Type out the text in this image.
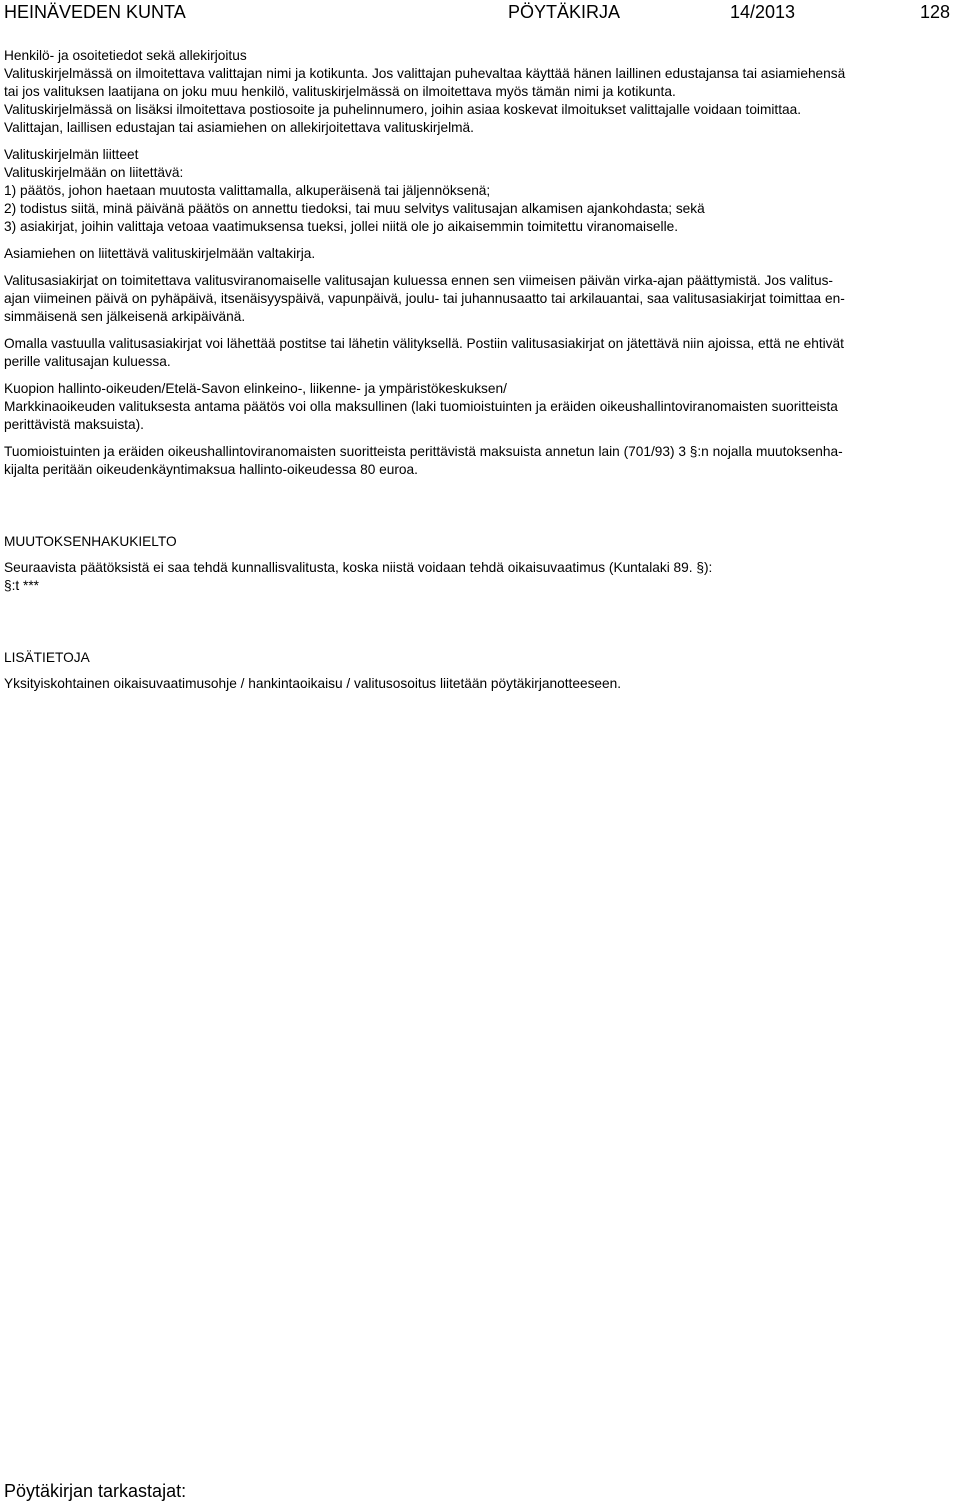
HEINÄVEDEN KUNTA	PÖYTÄKIRJA	14/2013	128

Henkilö- ja osoitetiedot sekä allekirjoitus

Valituskirjelmässä on ilmoitettava valittajan nimi ja kotikunta. Jos valittajan puhevaltaa käyttää hänen laillinen edustajansa tai asiamiehensä

tai jos valituksen laatijana on joku muu henkilö, valituskirjelmässä on ilmoitettava myös tämän nimi ja kotikunta.

Valituskirjelmässä on lisäksi ilmoitettava postiosoite ja puhelinnumero, joihin asiaa koskevat ilmoitukset valittajalle voidaan toimittaa.

Valittajan, laillisen edustajan tai asiamiehen on allekirjoitettava valituskirjelmä.

Valituskirjelmän liitteet

Valituskirjelmään on liitettävä:

1) päätös, johon haetaan muutosta valittamalla, alkuperäisenä tai jäljennöksenä;

2) todistus siitä, minä päivänä päätös on annettu tiedoksi, tai muu selvitys valitusajan alkamisen ajankohdasta; sekä

3) asiakirjat, joihin valittaja vetoaa vaatimuksensa tueksi, jollei niitä ole jo aikaisemmin toimitettu viranomaiselle.

Asiamiehen on liitettävä valituskirjelmään valtakirja.

Valitusasiakirjat on toimitettava valitusviranomaiselle valitusajan kuluessa ennen sen viimeisen päivän virka-ajan päättymistä. Jos valitus-

ajan viimeinen päivä on pyhäpäivä, itsenäisyyspäivä, vapunpäivä, joulu- tai juhannusaatto tai arkilauantai, saa valitusasiakirjat toimittaa en-

simmäisenä sen jälkeisenä arkipäivänä.

Omalla vastuulla valitusasiakirjat voi lähettää postitse tai lähetin välityksellä. Postiin valitusasiakirjat on jätettävä niin ajoissa, että ne ehtivät

perille valitusajan kuluessa.

Kuopion hallinto-oikeuden/Etelä-Savon elinkeino-, liikenne- ja ympäristökeskuksen/

Markkinaoikeuden valituksesta antama päätös voi olla maksullinen (laki tuomioistuinten ja eräiden oikeushallintoviranomaisten suoritteista

perittävistä maksuista).

Tuomioistuinten ja eräiden oikeushallintoviranomaisten suoritteista perittävistä maksuista annetun lain (701/93) 3 §:n nojalla muutoksenha-

kijalta peritään oikeudenkäyntimaksua hallinto-oikeudessa 80 euroa.

MUUTOKSENHAKUKIELTO

Seuraavista päätöksistä ei saa tehdä kunnallisvalitusta, koska niistä voidaan tehdä oikaisuvaatimus (Kuntalaki 89. §):

§:t ***

LISÄTIETOJA

Yksityiskohtainen oikaisuvaatimusohje / hankintaoikaisu / valitusosoitus liitetään pöytäkirjanotteeseen.

Pöytäkirjan tarkastajat:
